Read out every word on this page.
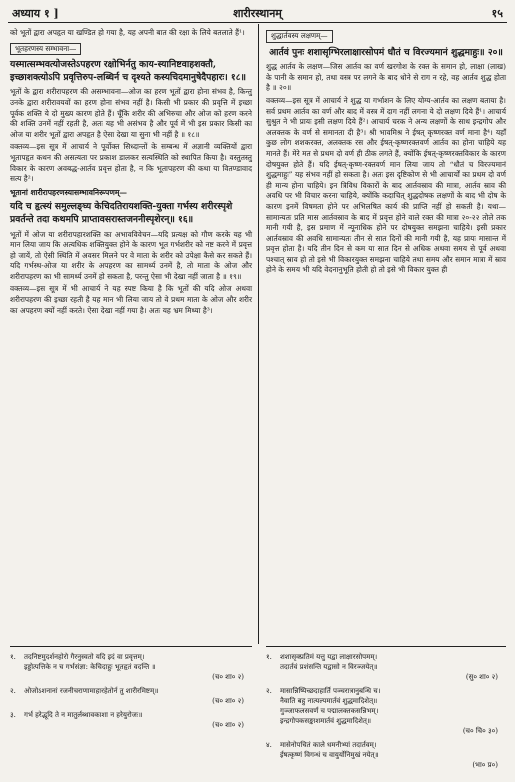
अध्याय १ ]	शारीरस्थानम्	१५

को भूतों द्वारा अपहृत या खण्डित हो गया है, यह अपनी बात की रक्षा के लिये बतलाते हैं¹।

भूतहरणस्य सम्भावना—
यस्मात्सम्भवत्योजस्तेऽपहरण रक्षोभिर्नतु काय-स्यानिष्टवाहशक्तौ, इच्छाशक्त्योऽपि प्रवृत्तिरुप-लब्धिर्न च दृश्यते कस्यचिदमानुषेदैपहारः। १८॥

भूतों के द्वारा शरीरापहरण की असम्भावना—ओज का हरण भूतों द्वारा होना संभव है, किन्तु उनके द्वारा शरीरावयवों का हरण होना संभव नहीं है। किसी भी प्रकार की प्रवृत्ति में इच्छा पूर्वक शक्ति ये दो मुख्य कारण होते हैं। चूँकि शरीर की अभिरुचा और ओज को हरण करने की शक्ति उनमें नहीं रहती है, अतः यह भी असंभव है और पूर्व में भी इस प्रकार किसी का ओज या शरीर भूतों द्वारा अपहृत है ऐसा देखा या सुना भी नहीं है ॥ १८॥

वक्तव्य—इस सूत्र में आचार्य ने पूर्वोक्त सिध्दान्तों के सम्बन्ध में अज्ञानी व्यक्तियों द्वारा भूतापहृत कथन की असत्यता पर प्रकाश डालकर सत्यस्थिति को स्थापित किया है। वस्तुतस्तु विकार के कारण अवबद्ध-आर्तव प्रवृत्त होता है, न कि भूतापहरण की कथा या वितण्डावाद सत्य है²।

भूतानां शारीरापहरणस्यासम्भावनिरूपणम्—
यदि च हृत्स्यं समुल्लङ्घ्य केचिदतिरायशक्ति-युक्ता गर्भस्य शरीरस्पृशे प्रवर्तन्ते तदा कथमपि प्राप्तावसरास्तजननीस्पृशेरन्॥ १६॥

भूतों में ओज या शरीरापहारशक्ति का अभावविवेचन—यदि प्रत्यक्ष को गौण करके यह भी मान लिया जाय कि अत्यधिक शक्तियुक्त होने के कारण भूत गर्भशरीर को नष्ट करने में प्रवृत्त हो जायें, तो ऐसी स्थिति में अवसर मिलने पर वे माता के शरीर को उपेक्षा कैसे कर सकते हैं। यदि गर्भस्थ-ओज या शरीर के अपहरण का सामर्थ्य उनमें है, तो माता के ओज और शरीरापहरण का भी सामर्थ्य उनमें हो सकता है, परन्तु ऐसा भी देखा नहीं जाता है ॥ १९॥

वक्तव्य—इस सूत्र में भी आचार्य ने यह स्पष्ट किया है कि भूतों की यदि ओज अथवा शरीरापहरण की इच्छा रहती है यह मान भी लिया जाय तो वे प्रथम माता के ओज और शरीर का अपहरण क्यों नहीं करते। ऐसा देखा नहीं गया है। अतः यह भ्रम मिथ्या है³।

शुद्धार्तवस्य लक्षणम्—
आर्तवं पुनः शशासृग्भिरलाक्षारसोपमं धौतं च विरज्यमानं शुद्धमाहुः॥ २०॥

शुद्ध आर्तव के लक्षण—जिस आर्तव का वर्ण खरगोश के रक्त के समान हो, लाक्षा (लाख) के पानी के समान हो, तथा वस्त्र पर लगने के बाद धोने से राग न रहे, वह आर्तव शुद्ध होता है ॥ २०॥

वक्तव्य—इस सूत्र में आचार्य ने शुद्ध या गर्भाशन के लिए योग्य-आर्तव का लक्षण बताया है। सर्व प्रथम आर्तव का वर्ण और बाद में वस्त्र में दाग नहीं लगना ये दो लक्षण दिये हैं¹। आचार्य सुश्रुत ने भी प्रायः इसी लक्षण दिये हैं²। आचार्य चरक ने अन्य लक्षणों के साथ इन्द्रगोप और अलक्तक के वर्ण से समानता दी है³। श्री भावमिश्र ने ईषत् कृष्णरक्त वर्ण माना है⁴। यहाँ कुछ लोग शशकरक्त, अलक्तक रस और ईषत्-कृष्णरक्तवर्ण आर्तव का होना चाहिये यह मानते हैं। मेरे मत से प्रथम दो वर्ण ही ठीक लगते हैं, क्योंकि ईषत्-कृष्णरक्तविकार के कारण दोषयुक्त होते हैं। यदि ईषत्-कृष्ण-रक्तवर्ण मान लिया जाय तो “धौतं च विरज्यमानं शुद्धमाहुः” यह संभव नहीं हो सकता है। अतः इस दृष्टिकोण से भी आचार्यों का प्रथम दो वर्ण ही मान्य होना चाहिये। इन त्रिविध विकारों के बाद आर्तवस्राव की मात्रा, आर्तव स्राव की अवधि पर भी विचार करना चाहिये, क्योंकि कदाचित् शुद्धदोषक लक्षणों के बाद भी दोष के कारण इनमें विषमता होने पर अभिलषित कार्य की प्राप्ति नहीं हो सकती है। यथा—सामान्यतः प्रति मास आर्तवस्राव के बाद में प्रवृत्त होने वाले रक्त की मात्रा २०-२२ तोले तक मानी गयी है, इस प्रमाण में न्यूनाधिक होने पर दोषयुक्त समझना चाहिये। इसी प्रकार आर्तवस्राव की अवधि सामान्यतः तीन से सात दिनों की मानी गयी है, यह प्रायः मासान्त में प्रवृत्त होता है। यदि तीन दिन से कम या सात दिन से अधिक अथवा समय से पूर्व अथवा पश्चात् स्राव हो तो इसे भी विकारयुक्त समझना चाहिये तथा समय और समान मात्रा में स्राव होने के समय भी यदि वेदनानुभूति होती हो तो इसे भी विकार युक्त ही

१. तदनिष्टमुदर्शनहोरो गैरनुस्वतो यदि इदं वा प्रवृत्तम्।
इड्डोत्पत्तिके न च गर्भसंज्ञा: केचिदाहुः भूतहृतं वदन्ति ॥
(च० शा० २)
२. ओजोऽशनानां रजनीचराणामाहारहेतोर्न तु शारीरमिष्टम्॥
(च० शा० २)
३. गर्भ हरेद्भूदि ते न मातुर्लब्धावकाशा न हरेयुरोजः॥
(च० शा० २)
१. शशासृक्प्रतिमं यत्तु यद्वा लाक्षारसोपमम्।
तदार्तवं प्रशंसन्ति यद्वासो न विरञ्जयेत्॥
(सु० शा० २)
२. मासान्निष्पिच्छदाहार्ति पञ्चरात्रानुबन्धि च।
नैवाति बहु नात्यल्पमार्तवं शुद्धमादिशेत्॥
गुञ्जाफलसवर्णं च पद्मालक्तकसन्निभम्।
इन्द्रगोपकसङ्काशमार्तवं शुद्धमादिशेत्॥
(च० चि० ३०)
४. मासेनोपचितं काले धमनीभ्यां तदार्तवम्।
ईषत्कृष्णं विगन्धं च वायुर्योनिमुखं नयेत्॥
(भा० प्र०)
